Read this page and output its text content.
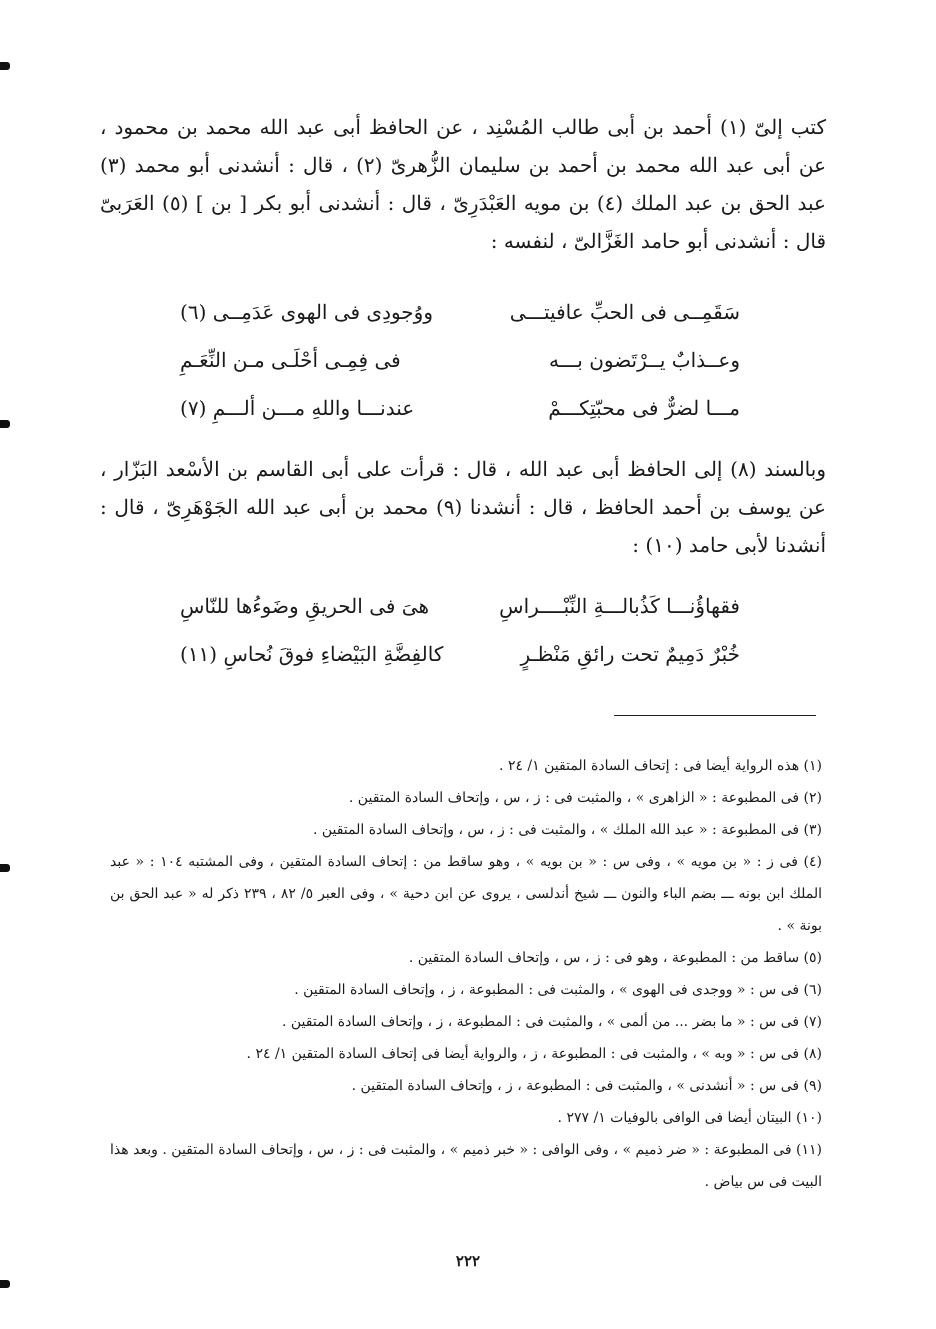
كتب إلىّ (١) أحمد بن أبى طالب المُسْنِد ، عن الحافظ أبى عبد الله محمد بن محمود ، عن أبى عبد الله محمد بن أحمد بن سليمان الزُّهرىّ (٢) ، قال : أنشدنى أبو محمد (٣) عبد الحق بن عبد الملك (٤) بن مويه العَبْدَرِىّ ، قال : أنشدنى أبو بكر [ بن ] (٥) العَرَبىّ قال : أنشدنى أبو حامد الغَزَّالىّ ، لنفسه :

سَقَمِــى فى الحبِّ عافيتـــى
ووُجودِى فى الهوى عَدَمِــى (٦)
وعــذابٌ يــرْتَضون بـــه
فى فِمِـى أحْلَـى مـن النِّعَـمِ
مـــا لضرٌّ فى محبّتِكـــمْ
عندنـــا واللهِ مـــن ألـــمِ (٧)

وبالسند (٨) إلى الحافظ أبى عبد الله ، قال : قرأت على أبى القاسم بن الأسْعد البَزّار ، عن يوسف بن أحمد الحافظ ، قال : أنشدنا (٩) محمد بن أبى عبد الله الجَوْهَرِىّ ، قال : أنشدنا لأبى حامد (١٠) :

فقهاؤُنـــا كَذُبالـــةِ النِّبْــــراسِ
هىَ فى الحريقِ وضَوءُها للنّاسِ
خُبْرٌ دَمِيمٌ تحت رائقِ مَنْظـرٍ
كالفِضَّةِ البَيْضاءِ فوقَ نُحاسِ (١١)

(١) هذه الرواية أيضا فى : إتحاف السادة المتقين ١/ ٢٤ .

(٢) فى المطبوعة : « الزاهرى » ، والمثبت فى : ز ، س ، وإتحاف السادة المتقين .

(٣) فى المطبوعة : « عبد الله الملك » ، والمثبت فى : ز ، س ، وإتحاف السادة المتقين .

(٤) فى ز : « بن مويه » ، وفى س : « بن بويه » ، وهو ساقط من : إتحاف السادة المتقين ، وفى المشتبه ١٠٤ : « عبد الملك ابن بونه ـــ بضم الباء والنون ـــ شيخ أندلسى ، يروى عن ابن دحية » ، وفى العبر ٥/ ٨٢ ، ٢٣٩ ذكر له « عبد الحق بن بونة » .

(٥) ساقط من : المطبوعة ، وهو فى : ز ، س ، وإتحاف السادة المتقين .

(٦) فى س : « ووجدى فى الهوى » ، والمثبت فى : المطبوعة ، ز ، وإتحاف السادة المتقين .

(٧) فى س : « ما بضر ... من ألمى » ، والمثبت فى : المطبوعة ، ز ، وإتحاف السادة المتقين .

(٨) فى س : « وبه » ، والمثبت فى : المطبوعة ، ز ، والرواية أيضا فى إتحاف السادة المتقين ١/ ٢٤ .

(٩) فى س : « أنشدنى » ، والمثبت فى : المطبوعة ، ز ، وإتحاف السادة المتقين .

(١٠) البيتان أيضا فى الوافى بالوفيات ١/ ٢٧٧ .

(١١) فى المطبوعة : « ضر ذميم » ، وفى الوافى : « خبر ذميم » ، والمثبت فى : ز ، س ، وإتحاف السادة المتقين . وبعد هذا البيت فى س بياض .

٢٢٢
